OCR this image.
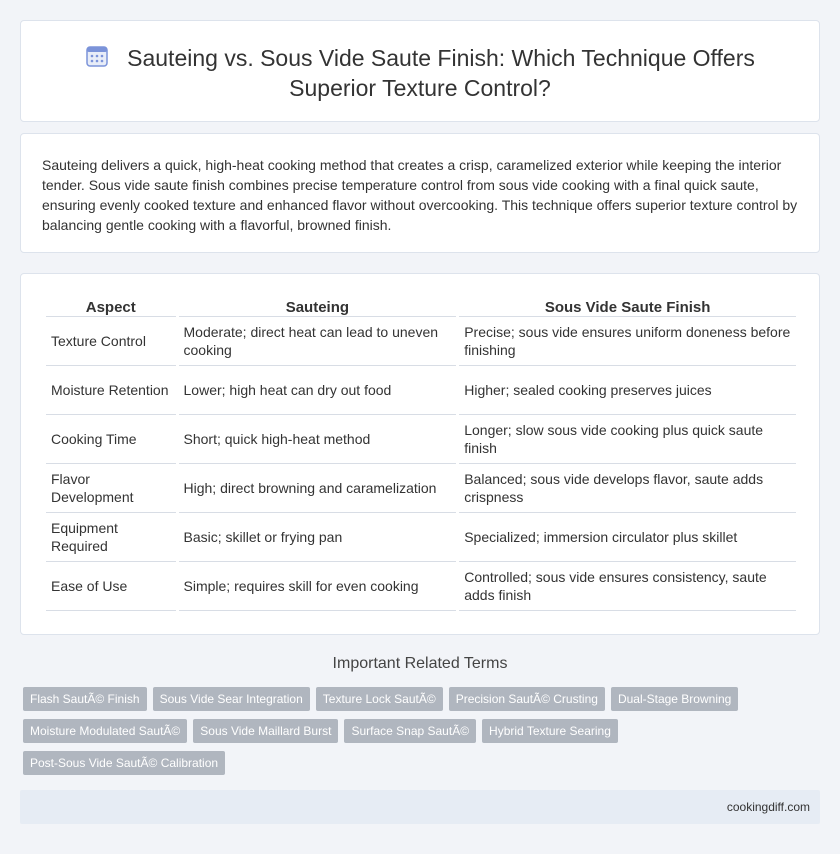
Sauteing vs. Sous Vide Saute Finish: Which Technique Offers Superior Texture Control?

Sauteing delivers a quick, high-heat cooking method that creates a crisp, caramelized exterior while keeping the interior tender. Sous vide saute finish combines precise temperature control from sous vide cooking with a final quick saute, ensuring evenly cooked texture and enhanced flavor without overcooking. This technique offers superior texture control by balancing gentle cooking with a flavorful, browned finish.

Aspect	Sauteing	Sous Vide Saute Finish
Texture Control	Moderate; direct heat can lead to uneven cooking	Precise; sous vide ensures uniform doneness before finishing
Moisture Retention	Lower; high heat can dry out food	Higher; sealed cooking preserves juices
Cooking Time	Short; quick high-heat method	Longer; slow sous vide cooking plus quick saute finish
Flavor Development	High; direct browning and caramelization	Balanced; sous vide develops flavor, saute adds crispness
Equipment Required	Basic; skillet or frying pan	Specialized; immersion circulator plus skillet
Ease of Use	Simple; requires skill for even cooking	Controlled; sous vide ensures consistency, saute adds finish
Important Related Terms
Flash SautÃ© Finish	Sous Vide Sear Integration	Texture Lock SautÃ©	Precision SautÃ© Crusting	Dual-Stage Browning
Moisture Modulated SautÃ©	Sous Vide Maillard Burst	Surface Snap SautÃ©	Hybrid Texture Searing
Post-Sous Vide SautÃ© Calibration
cookingdiff.com
